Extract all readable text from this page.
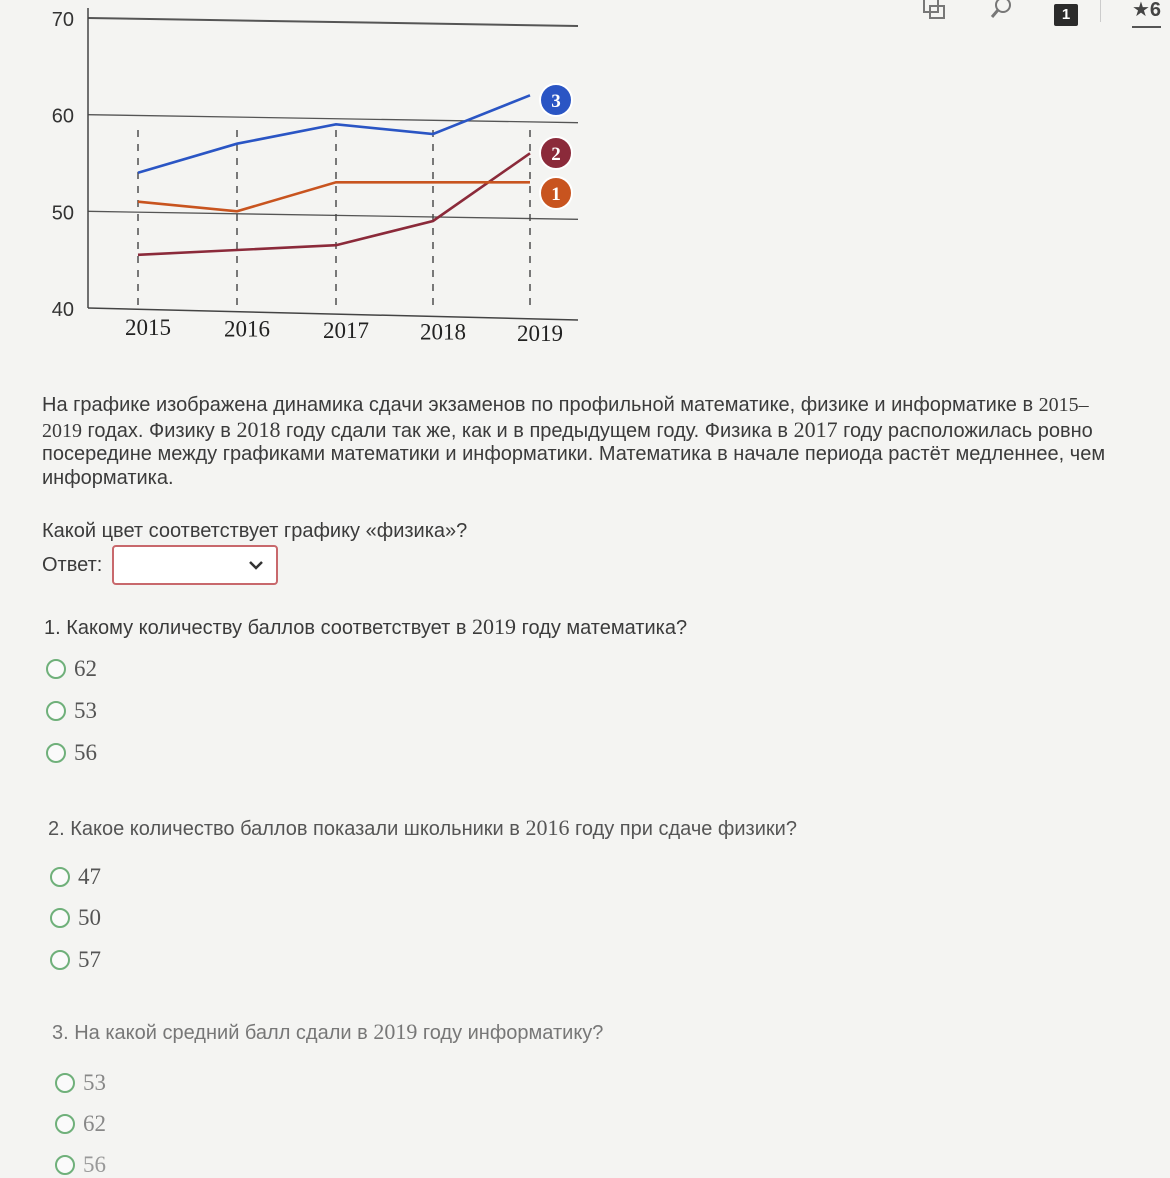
1	★6
70
60
50
40
2015 2016 2017 2018 2019
3
2
1
На графике изображена динамика сдачи экзаменов по профильной математике, физике и информатике в 2015–2019 годах. Физику в 2018 году сдали так же, как и в предыдущем году. Физика в 2017 году расположилась ровно посередине между графиками математики и информатики. Математика в начале периода растёт медленнее, чем информатика.
Какой цвет соответствует графику «физика»?
Ответ:
1. Какому количеству баллов соответствует в 2019 году математика?
62
53
56
2. Какое количество баллов показали школьники в 2016 году при сдаче физики?
47
50
57
3. На какой средний балл сдали в 2019 году информатику?
53
62
56
